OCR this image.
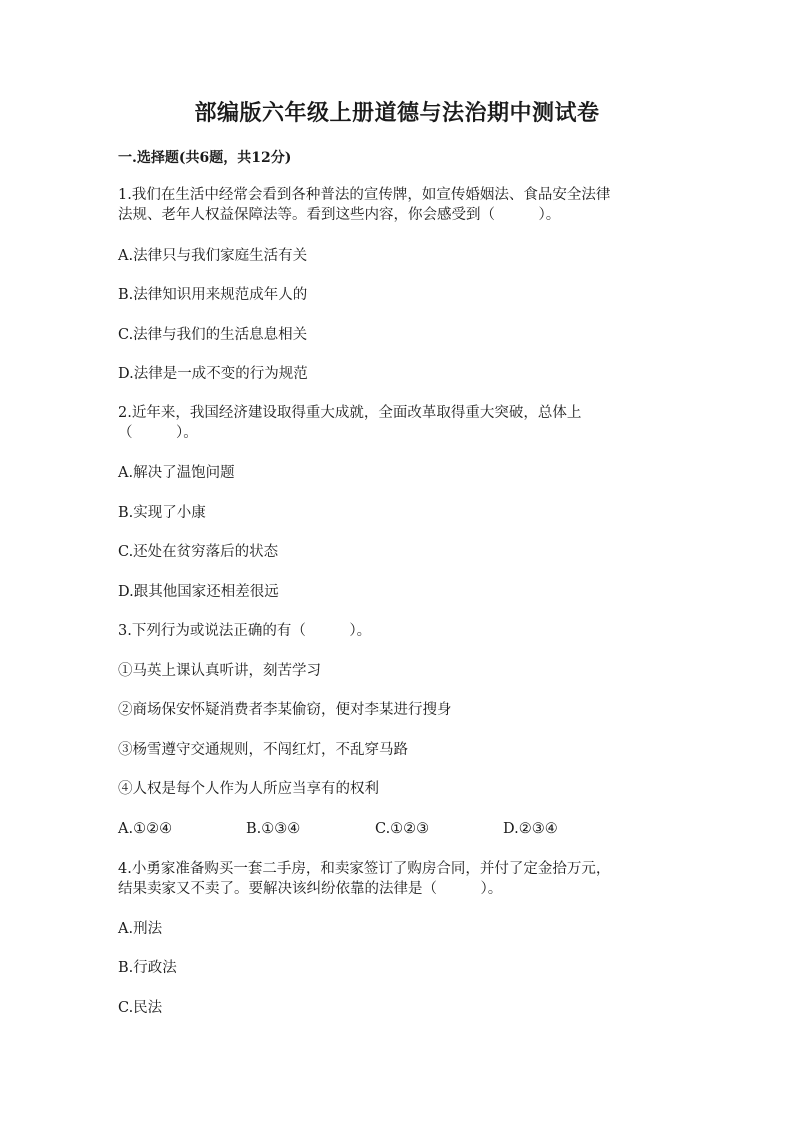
部编版六年级上册道德与法治期中测试卷

一.选择题(共6题，共12分)

1.我们在生活中经常会看到各种普法的宣传牌，如宣传婚姻法、食品安全法律

法规、老年人权益保障法等。看到这些内容，你会感受到（　　　）。

A.法律只与我们家庭生活有关

B.法律知识用来规范成年人的

C.法律与我们的生活息息相关

D.法律是一成不变的行为规范

2.近年来，我国经济建设取得重大成就，全面改革取得重大突破，总体上

（　　　）。

A.解决了温饱问题

B.实现了小康

C.还处在贫穷落后的状态

D.跟其他国家还相差很远

3.下列行为或说法正确的有（　　　）。

①马英上课认真听讲，刻苦学习

②商场保安怀疑消费者李某偷窃，便对李某进行搜身

③杨雪遵守交通规则，不闯红灯，不乱穿马路

④人权是每个人作为人所应当享有的权利

A.①②④	B.①③④	C.①②③	D.②③④

4.小勇家准备购买一套二手房，和卖家签订了购房合同，并付了定金拾万元，

结果卖家又不卖了。要解决该纠纷依靠的法律是（　　　）。

A.刑法

B.行政法

C.民法
